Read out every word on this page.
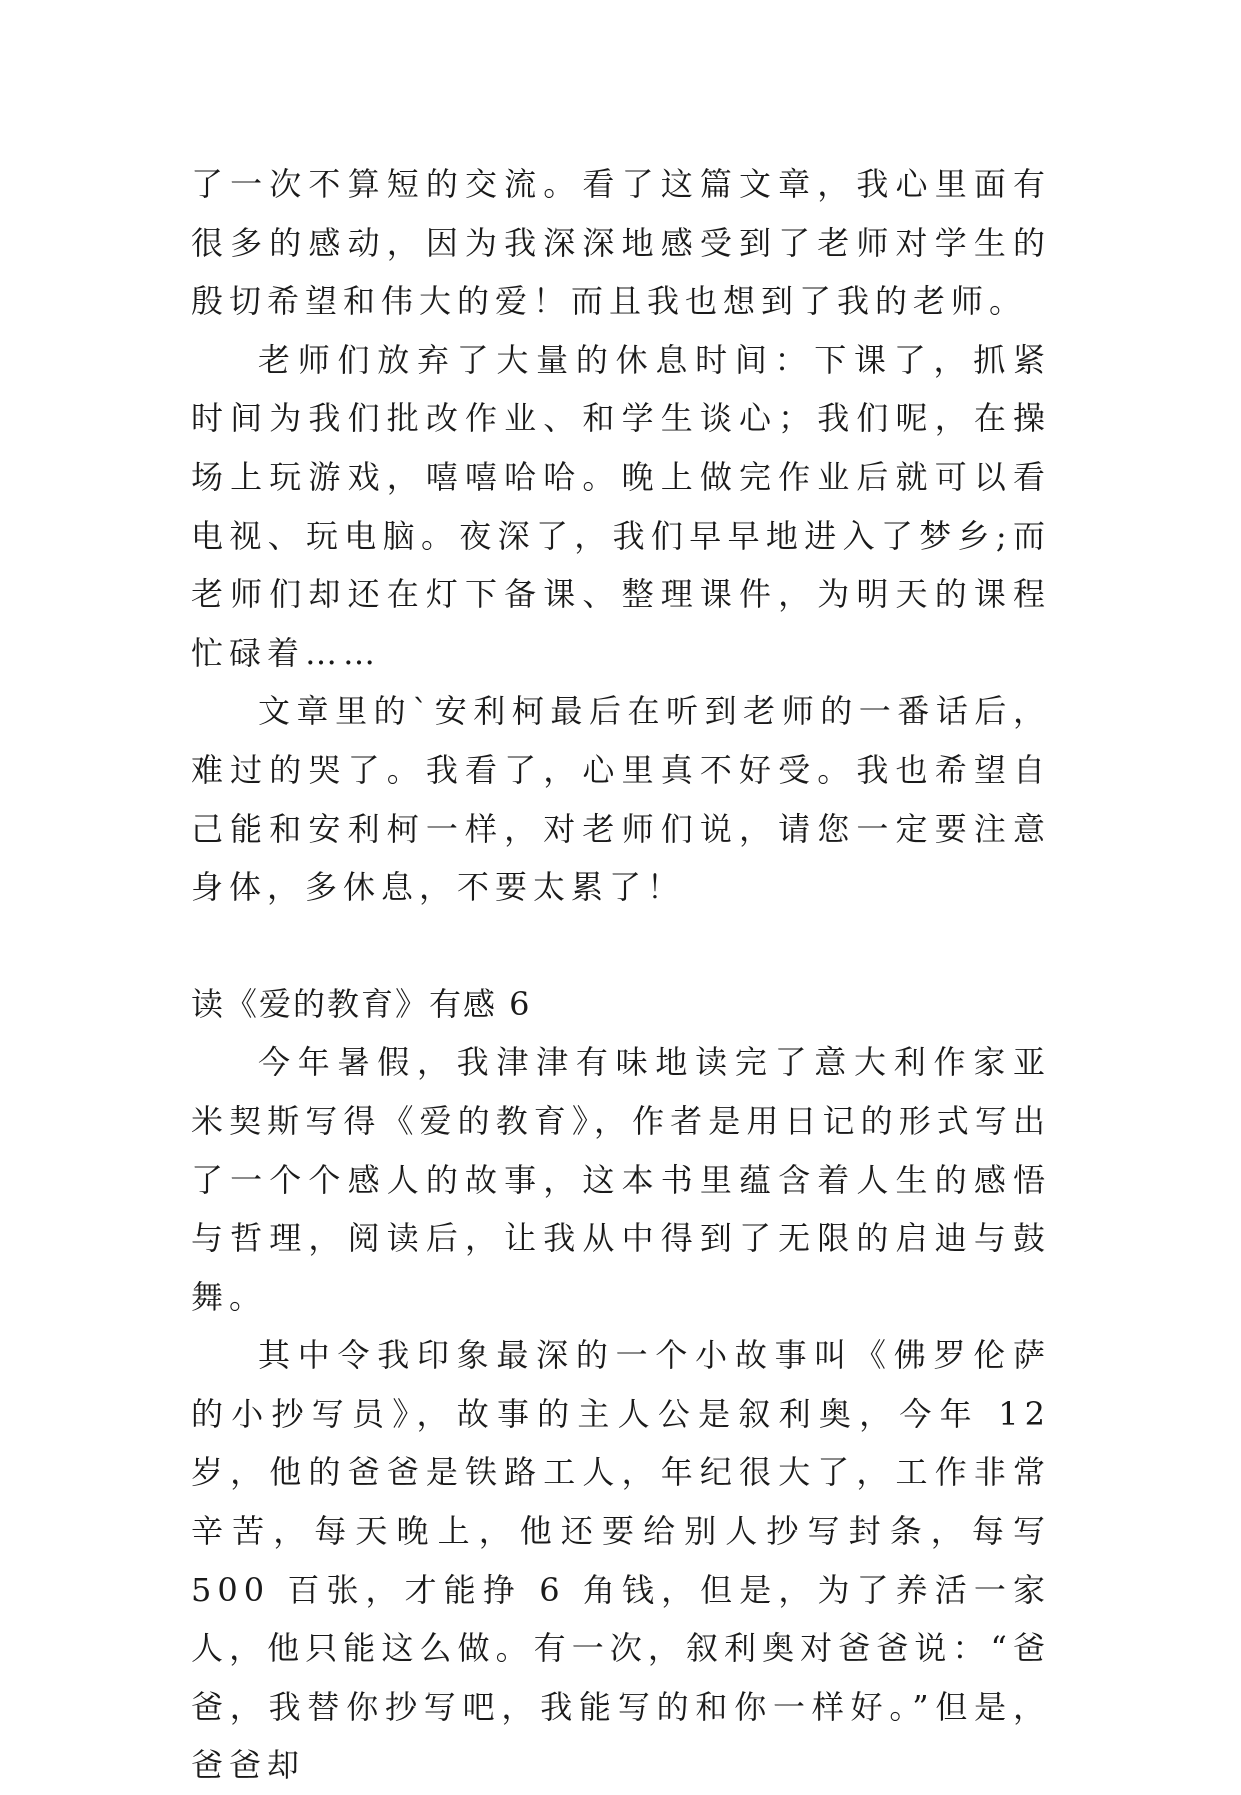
了一次不算短的交流。看了这篇文章，我心里面有很多的感动，因为我深深地感受到了老师对学生的殷切希望和伟大的爱！而且我也想到了我的老师。

老师们放弃了大量的休息时间：下课了，抓紧时间为我们批改作业、和学生谈心；我们呢，在操场上玩游戏，嘻嘻哈哈。晚上做完作业后就可以看电视、玩电脑。夜深了，我们早早地进入了梦乡;而老师们却还在灯下备课、整理课件，为明天的课程忙碌着……

文章里的`安利柯最后在听到老师的一番话后，难过的哭了。我看了，心里真不好受。我也希望自己能和安利柯一样，对老师们说，请您一定要注意身体，多休息，不要太累了！

读《爱的教育》有感 6

今年暑假，我津津有味地读完了意大利作家亚米契斯写得《爱的教育》，作者是用日记的形式写出了一个个感人的故事，这本书里蕴含着人生的感悟与哲理，阅读后，让我从中得到了无限的启迪与鼓舞。

其中令我印象最深的一个小故事叫《佛罗伦萨的小抄写员》，故事的主人公是叙利奥，今年 12 岁，他的爸爸是铁路工人，年纪很大了，工作非常辛苦，每天晚上，他还要给别人抄写封条，每写 500 百张，才能挣 6 角钱，但是，为了养活一家人，他只能这么做。有一次，叙利奥对爸爸说：“爸爸，我替你抄写吧，我能写的和你一样好。”但是，爸爸却
